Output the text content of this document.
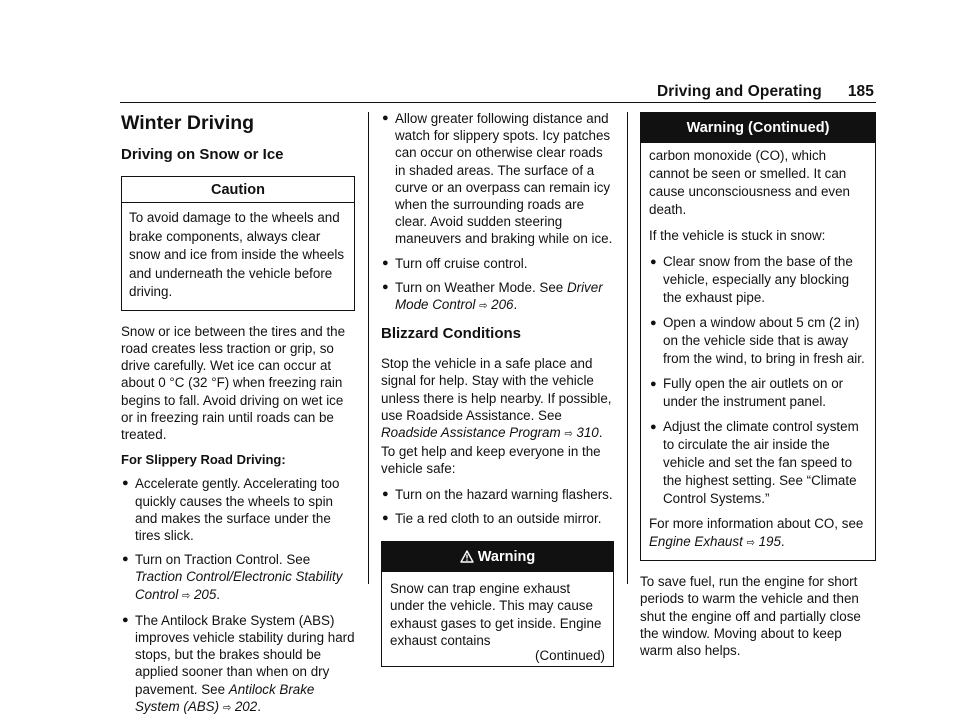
Driving and Operating 185
Winter Driving
Driving on Snow or Ice
Caution
To avoid damage to the wheels and brake components, always clear snow and ice from inside the wheels and underneath the vehicle before driving.

Snow or ice between the tires and the road creates less traction or grip, so drive carefully. Wet ice can occur at about 0 °C (32 °F) when freezing rain begins to fall. Avoid driving on wet ice or in freezing rain until roads can be treated.

For Slippery Road Driving:
● Accelerate gently. Accelerating too quickly causes the wheels to spin and makes the surface under the tires slick.
● Turn on Traction Control. See Traction Control/Electronic Stability Control ⇨ 205.
● The Antilock Brake System (ABS) improves vehicle stability during hard stops, but the brakes should be applied sooner than when on dry pavement. See Antilock Brake System (ABS) ⇨ 202.
● Allow greater following distance and watch for slippery spots. Icy patches can occur on otherwise clear roads in shaded areas. The surface of a curve or an overpass can remain icy when the surrounding roads are clear. Avoid sudden steering maneuvers and braking while on ice.
● Turn off cruise control.
● Turn on Weather Mode. See Driver Mode Control ⇨ 206.
Blizzard Conditions

Stop the vehicle in a safe place and signal for help. Stay with the vehicle unless there is help nearby. If possible, use Roadside Assistance. See Roadside Assistance Program ⇨ 310. To get help and keep everyone in the vehicle safe:

● Turn on the hazard warning flashers.
● Tie a red cloth to an outside mirror.
Warning
Snow can trap engine exhaust under the vehicle. This may cause exhaust gases to get inside. Engine exhaust contains
(Continued)
Warning (Continued)

carbon monoxide (CO), which cannot be seen or smelled. It can cause unconsciousness and even death.

If the vehicle is stuck in snow:

● Clear snow from the base of the vehicle, especially any blocking the exhaust pipe.
● Open a window about 5 cm (2 in) on the vehicle side that is away from the wind, to bring in fresh air.
● Fully open the air outlets on or under the instrument panel.
● Adjust the climate control system to circulate the air inside the vehicle and set the fan speed to the highest setting. See “Climate Control Systems.”

For more information about CO, see Engine Exhaust ⇨ 195.

To save fuel, run the engine for short periods to warm the vehicle and then shut the engine off and partially close the window. Moving about to keep warm also helps.
